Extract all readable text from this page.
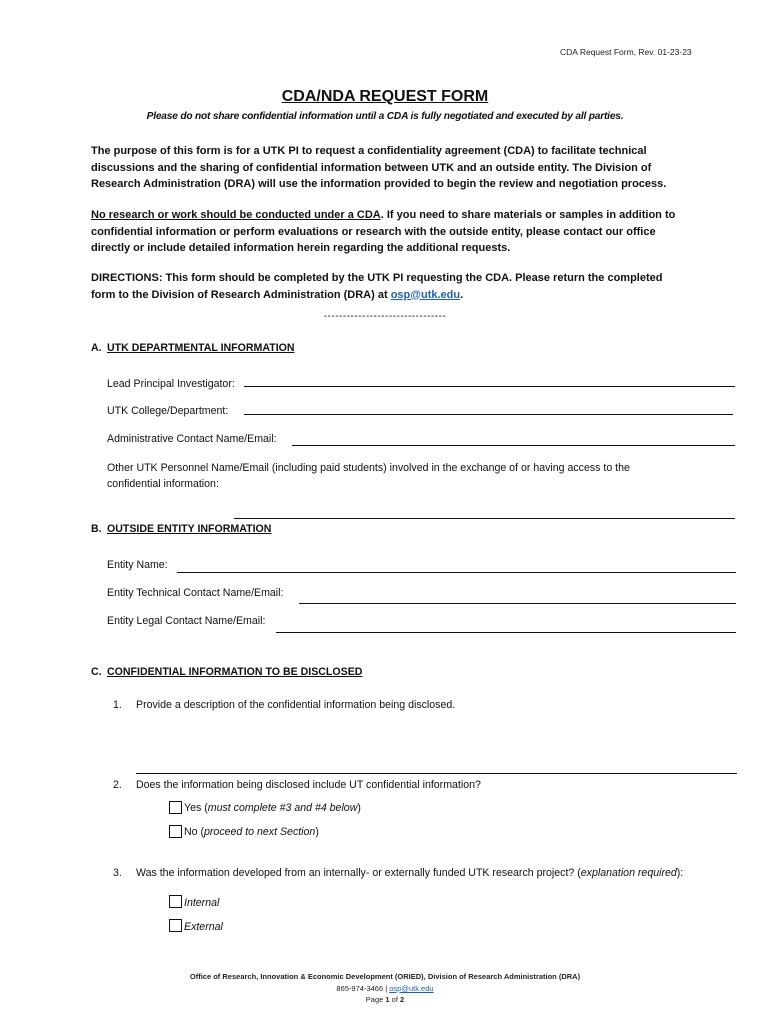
CDA Request Form, Rev. 01-23-23
CDA/NDA REQUEST FORM
Please do not share confidential information until a CDA is fully negotiated and executed by all parties.
The purpose of this form is for a UTK PI to request a confidentiality agreement (CDA) to facilitate technical discussions and the sharing of confidential information between UTK and an outside entity. The Division of Research Administration (DRA) will use the information provided to begin the review and negotiation process.
No research or work should be conducted under a CDA. If you need to share materials or samples in addition to confidential information or perform evaluations or research with the outside entity, please contact our office directly or include detailed information herein regarding the additional requests.
DIRECTIONS: This form should be completed by the UTK PI requesting the CDA. Please return the completed form to the Division of Research Administration (DRA) at osp@utk.edu.
--------------------------------
A. UTK DEPARTMENTAL INFORMATION
Lead Principal Investigator:
UTK College/Department:
Administrative Contact Name/Email:
Other UTK Personnel Name/Email (including paid students) involved in the exchange of or having access to the confidential information:
B. OUTSIDE ENTITY INFORMATION
Entity Name:
Entity Technical Contact Name/Email:
Entity Legal Contact Name/Email:
C. CONFIDENTIAL INFORMATION TO BE DISCLOSED
1. Provide a description of the confidential information being disclosed.
2. Does the information being disclosed include UT confidential information?
Yes (must complete #3 and #4 below)
No (proceed to next Section)
3.	Was the information developed from an internally- or externally funded UTK research project? (explanation required):
Internal
External
Office of Research, Innovation & Economic Development (ORIED), Division of Research Administration (DRA)
865-974-3466 | osp@utk.edu
Page 1 of 2
